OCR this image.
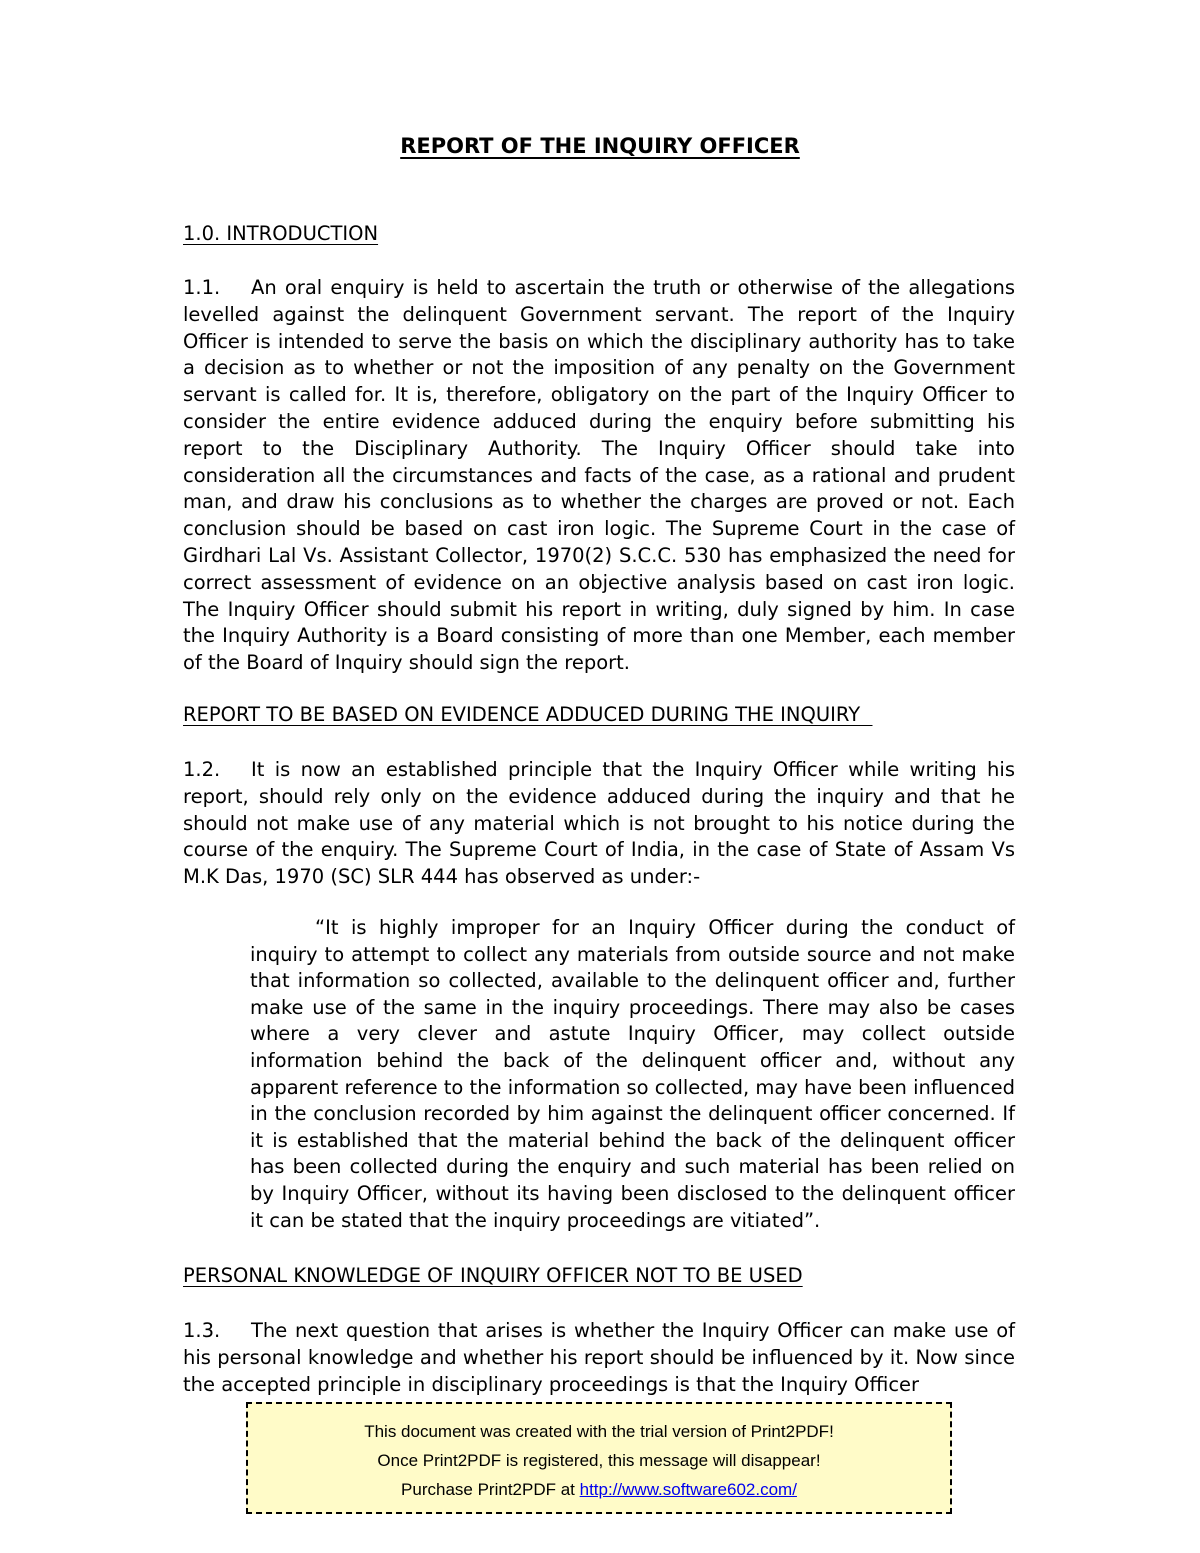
REPORT OF THE INQUIRY OFFICER
1.0. INTRODUCTION

1.1. An oral enquiry is held to ascertain the truth or otherwise of the allegations levelled against the delinquent Government servant. The report of the Inquiry Officer is intended to serve the basis on which the disciplinary authority has to take a decision as to whether or not the imposition of any penalty on the Government servant is called for. It is, therefore, obligatory on the part of the Inquiry Officer to consider the entire evidence adduced during the enquiry before submitting his report to the Disciplinary Authority. The Inquiry Officer should take into consideration all the circumstances and facts of the case, as a rational and prudent man, and draw his conclusions as to whether the charges are proved or not. Each conclusion should be based on cast iron logic. The Supreme Court in the case of Girdhari Lal Vs. Assistant Collector, 1970(2) S.C.C. 530 has emphasized the need for correct assessment of evidence on an objective analysis based on cast iron logic. The Inquiry Officer should submit his report in writing, duly signed by him. In case the Inquiry Authority is a Board consisting of more than one Member, each member of the Board of Inquiry should sign the report.

REPORT TO BE BASED ON EVIDENCE ADDUCED DURING THE INQUIRY

1.2. It is now an established principle that the Inquiry Officer while writing his report, should rely only on the evidence adduced during the inquiry and that he should not make use of any material which is not brought to his notice during the course of the enquiry. The Supreme Court of India, in the case of State of Assam Vs M.K Das, 1970 (SC) SLR 444 has observed as under:-

“It is highly improper for an Inquiry Officer during the conduct of inquiry to attempt to collect any materials from outside source and not make that information so collected, available to the delinquent officer and, further make use of the same in the inquiry proceedings. There may also be cases where a very clever and astute Inquiry Officer, may collect outside information behind the back of the delinquent officer and, without any apparent reference to the information so collected, may have been influenced in the conclusion recorded by him against the delinquent officer concerned. If it is established that the material behind the back of the delinquent officer has been collected during the enquiry and such material has been relied on by Inquiry Officer, without its having been disclosed to the delinquent officer it can be stated that the inquiry proceedings are vitiated”.

PERSONAL KNOWLEDGE OF INQUIRY OFFICER NOT TO BE USED

1.3. The next question that arises is whether the Inquiry Officer can make use of his personal knowledge and whether his report should be influenced by it. Now since the accepted principle in disciplinary proceedings is that the Inquiry Officer

This document was created with the trial version of Print2PDF!
Once Print2PDF is registered, this message will disappear!
Purchase Print2PDF at http://www.software602.com/
